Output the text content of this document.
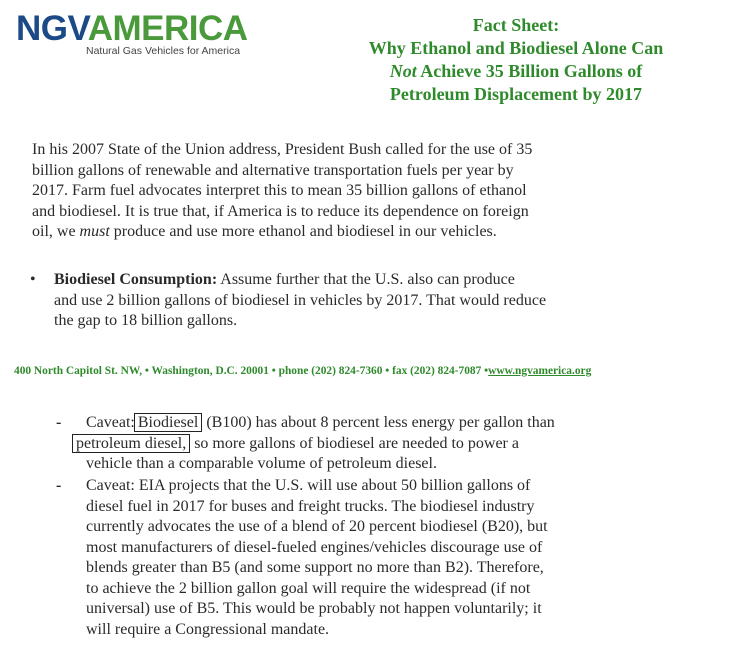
NGVAMERICA
Natural Gas Vehicles for America
Fact Sheet:
Why Ethanol and Biodiesel Alone Can
Not Achieve 35 Billion Gallons of
Petroleum Displacement by 2017
In his 2007 State of the Union address, President Bush called for the use of 35
billion gallons of renewable and alternative transportation fuels per year by
2017. Farm fuel advocates interpret this to mean 35 billion gallons of ethanol
and biodiesel. It is true that, if America is to reduce its dependence on foreign
oil, we must produce and use more ethanol and biodiesel in our vehicles.
• Biodiesel Consumption: Assume further that the U.S. also can produce
and use 2 billion gallons of biodiesel in vehicles by 2017. That would reduce
the gap to 18 billion gallons.
400 North Capitol St. NW, • Washington, D.C. 20001 • phone (202) 824-7360 • fax (202) 824-7087 •www.ngvamerica.org
- Caveat: Biodiesel (B100) has about 8 percent less energy per gallon than
petroleum diesel, so more gallons of biodiesel are needed to power a
vehicle than a comparable volume of petroleum diesel.
- Caveat: EIA projects that the U.S. will use about 50 billion gallons of
diesel fuel in 2017 for buses and freight trucks. The biodiesel industry
currently advocates the use of a blend of 20 percent biodiesel (B20), but
most manufacturers of diesel-fueled engines/vehicles discourage use of
blends greater than B5 (and some support no more than B2). Therefore,
to achieve the 2 billion gallon goal will require the widespread (if not
universal) use of B5. This would be probably not happen voluntarily; it
will require a Congressional mandate.
